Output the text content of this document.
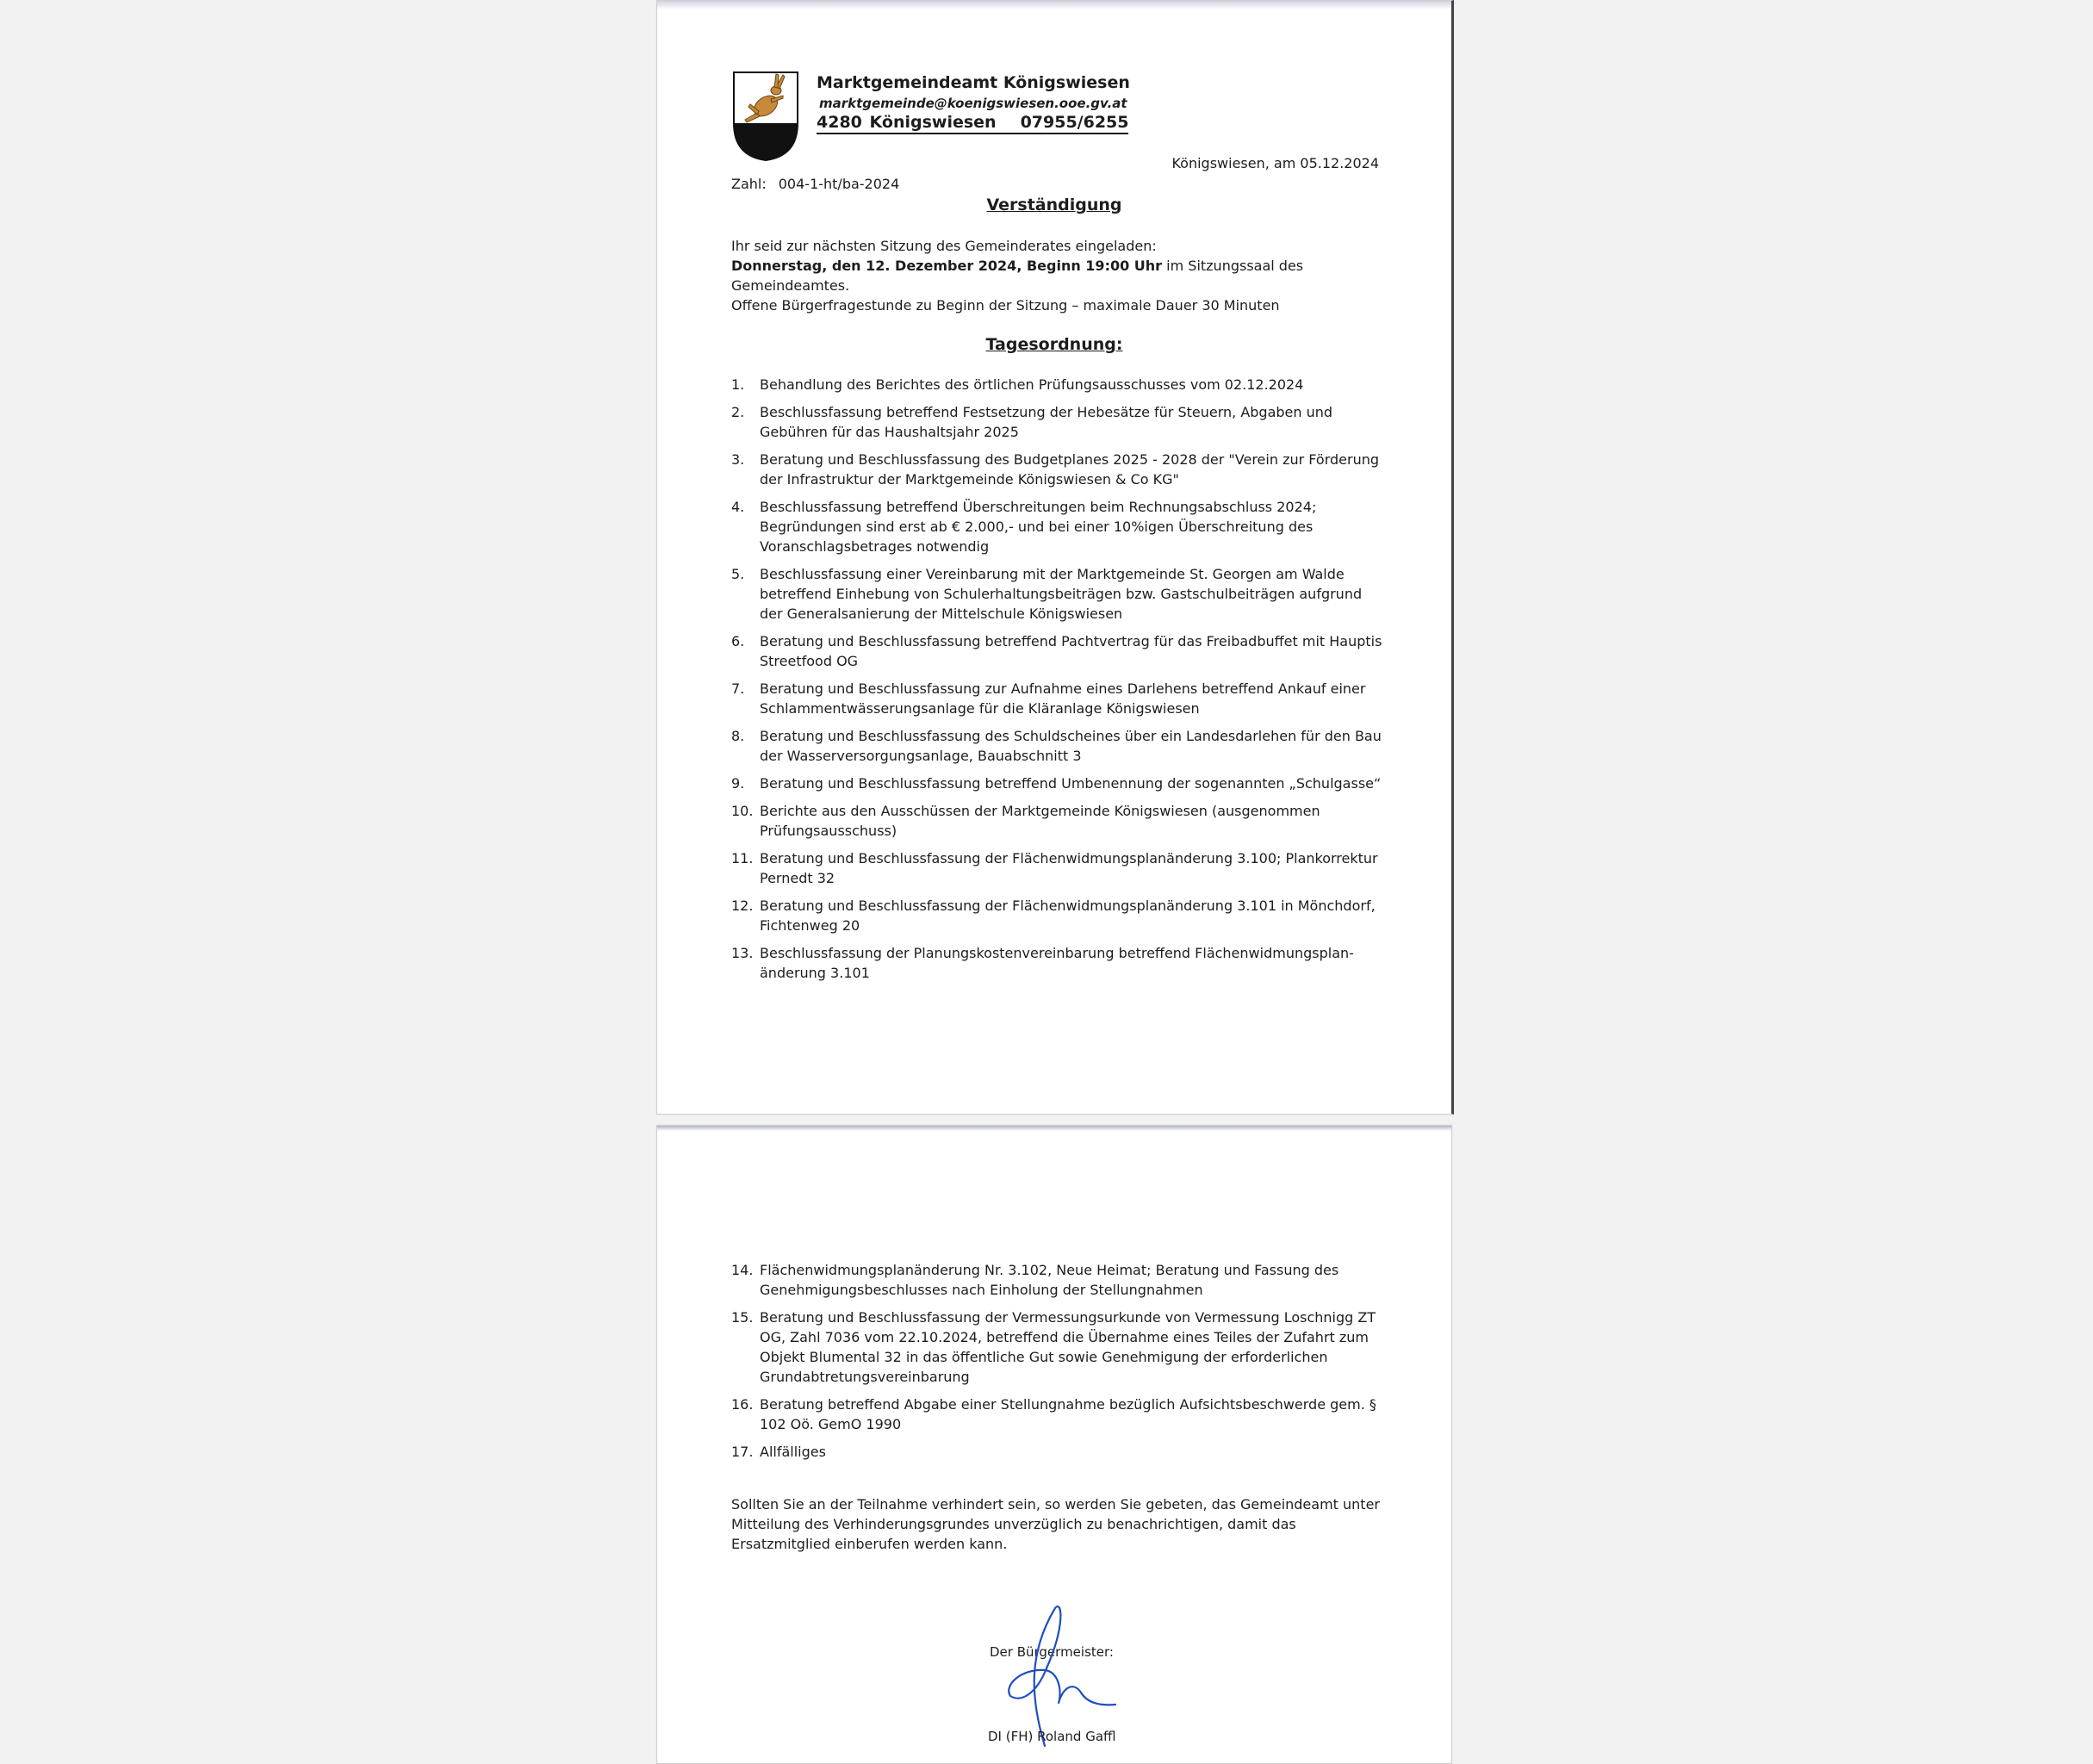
Marktgemeindeamt Königswiesen
marktgemeinde@koenigswiesen.ooe.gv.at
4280 Königswiesen 07955/6255
Königswiesen, am 05.12.2024
Zahl: 004-1-ht/ba-2024
Verständigung
Ihr seid zur nächsten Sitzung des Gemeinderates eingeladen:
Donnerstag, den 12. Dezember 2024, Beginn 19:00 Uhr im Sitzungssaal des Gemeindeamtes.
Offene Bürgerfragestunde zu Beginn der Sitzung – maximale Dauer 30 Minuten
Tagesordnung:
1. Behandlung des Berichtes des örtlichen Prüfungsausschusses vom 02.12.2024
2. Beschlussfassung betreffend Festsetzung der Hebesätze für Steuern, Abgaben und Gebühren für das Haushaltsjahr 2025
3. Beratung und Beschlussfassung des Budgetplanes 2025 - 2028 der "Verein zur Förderung der Infrastruktur der Marktgemeinde Königswiesen & Co KG"
4. Beschlussfassung betreffend Überschreitungen beim Rechnungsabschluss 2024; Begründungen sind erst ab € 2.000,- und bei einer 10%igen Überschreitung des Voranschlagsbetrages notwendig
5. Beschlussfassung einer Vereinbarung mit der Marktgemeinde St. Georgen am Walde betreffend Einhebung von Schulerhaltungsbeiträgen bzw. Gastschulbeiträgen aufgrund der Generalsanierung der Mittelschule Königswiesen
6. Beratung und Beschlussfassung betreffend Pachtvertrag für das Freibadbuffet mit Hauptis Streetfood OG
7. Beratung und Beschlussfassung zur Aufnahme eines Darlehens betreffend Ankauf einer Schlammentwässerungsanlage für die Kläranlage Königswiesen
8. Beratung und Beschlussfassung des Schuldscheines über ein Landesdarlehen für den Bau der Wasserversorgungsanlage, Bauabschnitt 3
9. Beratung und Beschlussfassung betreffend Umbenennung der sogenannten „Schulgasse“
10. Berichte aus den Ausschüssen der Marktgemeinde Königswiesen (ausgenommen Prüfungsausschuss)
11. Beratung und Beschlussfassung der Flächenwidmungsplanänderung 3.100; Plankorrektur Pernedt 32
12. Beratung und Beschlussfassung der Flächenwidmungsplanänderung 3.101 in Mönchdorf, Fichtenweg 20
13. Beschlussfassung der Planungskostenvereinbarung betreffend Flächenwidmungsplan-änderung 3.101
14. Flächenwidmungsplanänderung Nr. 3.102, Neue Heimat; Beratung und Fassung des Genehmigungsbeschlusses nach Einholung der Stellungnahmen
15. Beratung und Beschlussfassung der Vermessungsurkunde von Vermessung Loschnigg ZT OG, Zahl 7036 vom 22.10.2024, betreffend die Übernahme eines Teiles der Zufahrt zum Objekt Blumental 32 in das öffentliche Gut sowie Genehmigung der erforderlichen Grundabtretungsvereinbarung
16. Beratung betreffend Abgabe einer Stellungnahme bezüglich Aufsichtsbeschwerde gem. § 102 Oö. GemO 1990
17. Allfälliges
Sollten Sie an der Teilnahme verhindert sein, so werden Sie gebeten, das Gemeindeamt unter Mitteilung des Verhinderungsgrundes unverzüglich zu benachrichtigen, damit das Ersatzmitglied einberufen werden kann.
Der Bürgermeister:
DI (FH) Roland Gaffl
